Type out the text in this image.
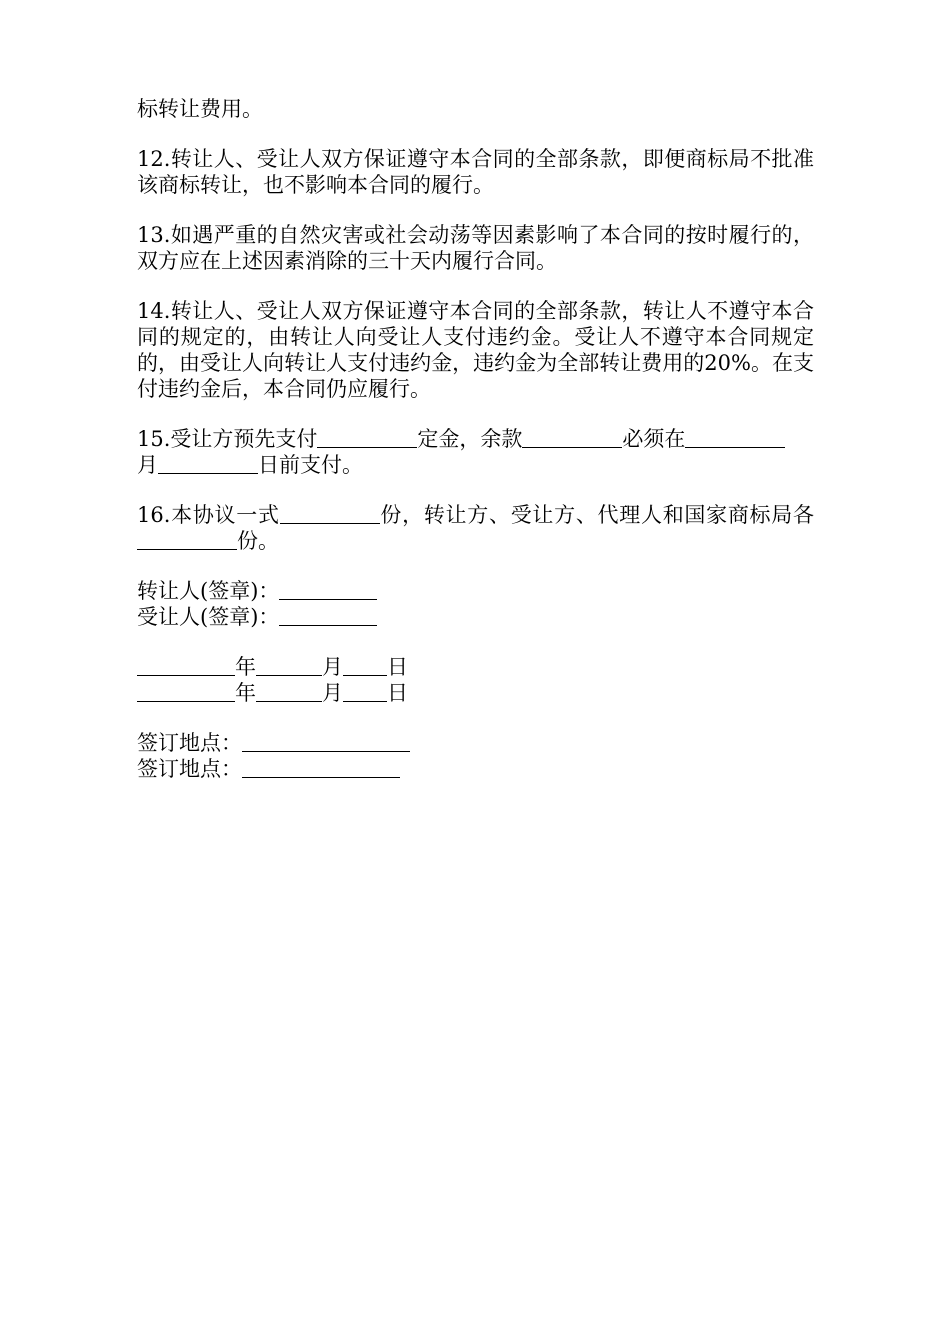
标转让费用。

12.转让人、受让人双方保证遵守本合同的全部条款，即便商标局不批准该商标转让，也不影响本合同的履行。

13.如遇严重的自然灾害或社会动荡等因素影响了本合同的按时履行的，双方应在上述因素消除的三十天内履行合同。

14.转让人、受让人双方保证遵守本合同的全部条款，转让人不遵守本合同的规定的，由转让人向受让人支付违约金。受让人不遵守本合同规定的，由受让人向转让人支付违约金，违约金为全部转让费用的20%。在支付违约金后，本合同仍应履行。

15.受让方预先支付	定金，余款	必须在
月	日前支付。

16.本协议一式	份，转让方、受让方、代理人和国家商标局各份。

转让人(签章)：
受让人(签章)：
年	月 日
年	月 日
签订地点：
签订地点：
